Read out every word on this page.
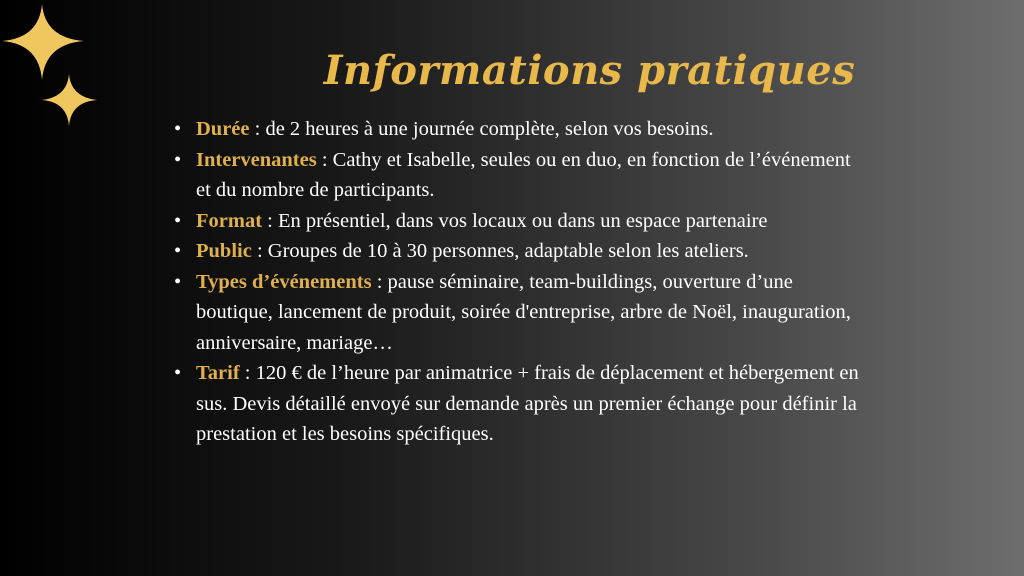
Informations pratiques
• Durée : de 2 heures à une journée complète, selon vos besoins.
• Intervenantes : Cathy et Isabelle, seules ou en duo, en fonction de l’événement et du nombre de participants.
• Format : En présentiel, dans vos locaux ou dans un espace partenaire
• Public : Groupes de 10 à 30 personnes, adaptable selon les ateliers.
• Types d’événements : pause séminaire, team-buildings, ouverture d’une boutique, lancement de produit, soirée d'entreprise, arbre de Noël, inauguration, anniversaire, mariage…
• Tarif : 120 € de l’heure par animatrice + frais de déplacement et hébergement en sus. Devis détaillé envoyé sur demande après un premier échange pour définir la prestation et les besoins spécifiques.
